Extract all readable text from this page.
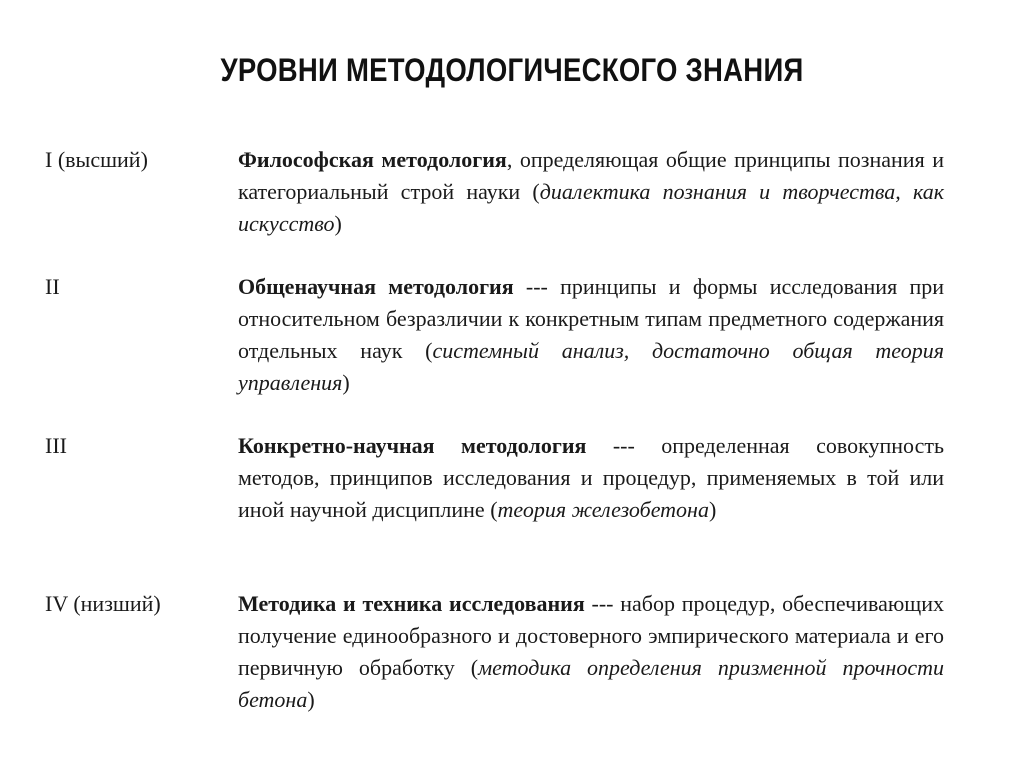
УРОВНИ МЕТОДОЛОГИЧЕСКОГО ЗНАНИЯ
I (высший)	Философская методология, определяющая общие принципы познания и категориальный строй науки (диалектика познания и творчества, как искусство)
II	Общенаучная методология --- принципы и формы исследования при относительном безразличии к конкретным типам предметного содержания отдельных наук (системный анализ, достаточно общая теория управления)
III	Конкретно-научная методология --- определенная совокупность методов, принципов исследования и процедур, применяемых в той или иной научной дисциплине (теория железобетона)
IV (низший)	Методика и техника исследования --- набор процедур, обеспечивающих получение единообразного и достоверного эмпирического материала и его первичную обработку (методика определения призменной прочности бетона)
